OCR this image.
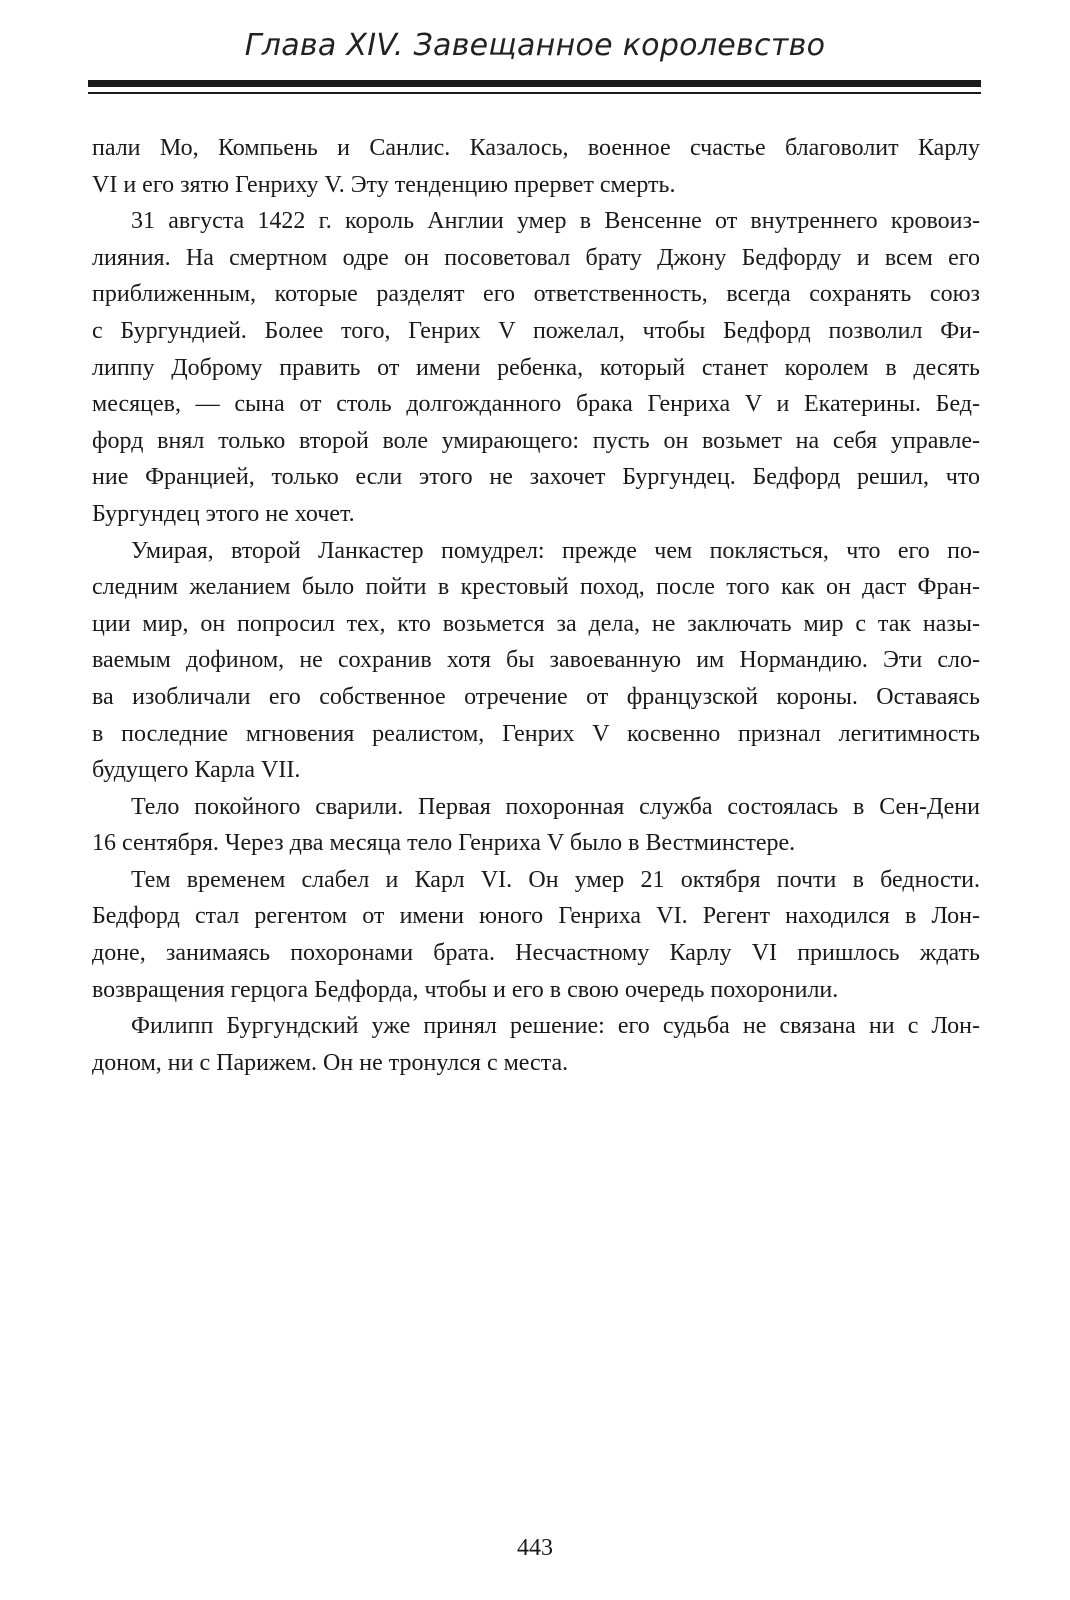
Глава XIV. Завещанное королевство
пали Мо, Компьень и Санлис. Казалось, военное счастье благоволит Карлу
VI и его зятю Генриху V. Эту тенденцию прервет смерть.
31 августа 1422 г. король Англии умер в Венсенне от внутреннего кровоиз-
лияния. На смертном одре он посоветовал брату Джону Бедфорду и всем его
приближенным, которые разделят его ответственность, всегда сохранять союз
с Бургундией. Более того, Генрих V пожелал, чтобы Бедфорд позволил Фи-
липпу Доброму править от имени ребенка, который станет королем в десять
месяцев, — сына от столь долгожданного брака Генриха V и Екатерины. Бед-
форд внял только второй воле умирающего: пусть он возьмет на себя управле-
ние Францией, только если этого не захочет Бургундец. Бедфорд решил, что
Бургундец этого не хочет.
Умирая, второй Ланкастер помудрел: прежде чем поклясться, что его по-
следним желанием было пойти в крестовый поход, после того как он даст Фран-
ции мир, он попросил тех, кто возьмется за дела, не заключать мир с так назы-
ваемым дофином, не сохранив хотя бы завоеванную им Нормандию. Эти сло-
ва изобличали его собственное отречение от французской короны. Оставаясь
в последние мгновения реалистом, Генрих V косвенно признал легитимность
будущего Карла VII.
Тело покойного сварили. Первая похоронная служба состоялась в Сен-Дени
16 сентября. Через два месяца тело Генриха V было в Вестминстере.
Тем временем слабел и Карл VI. Он умер 21 октября почти в бедности.
Бедфорд стал регентом от имени юного Генриха VI. Регент находился в Лон-
доне, занимаясь похоронами брата. Несчастному Карлу VI пришлось ждать
возвращения герцога Бедфорда, чтобы и его в свою очередь похоронили.
Филипп Бургундский уже принял решение: его судьба не связана ни с Лон-
доном, ни с Парижем. Он не тронулся с места.
443
